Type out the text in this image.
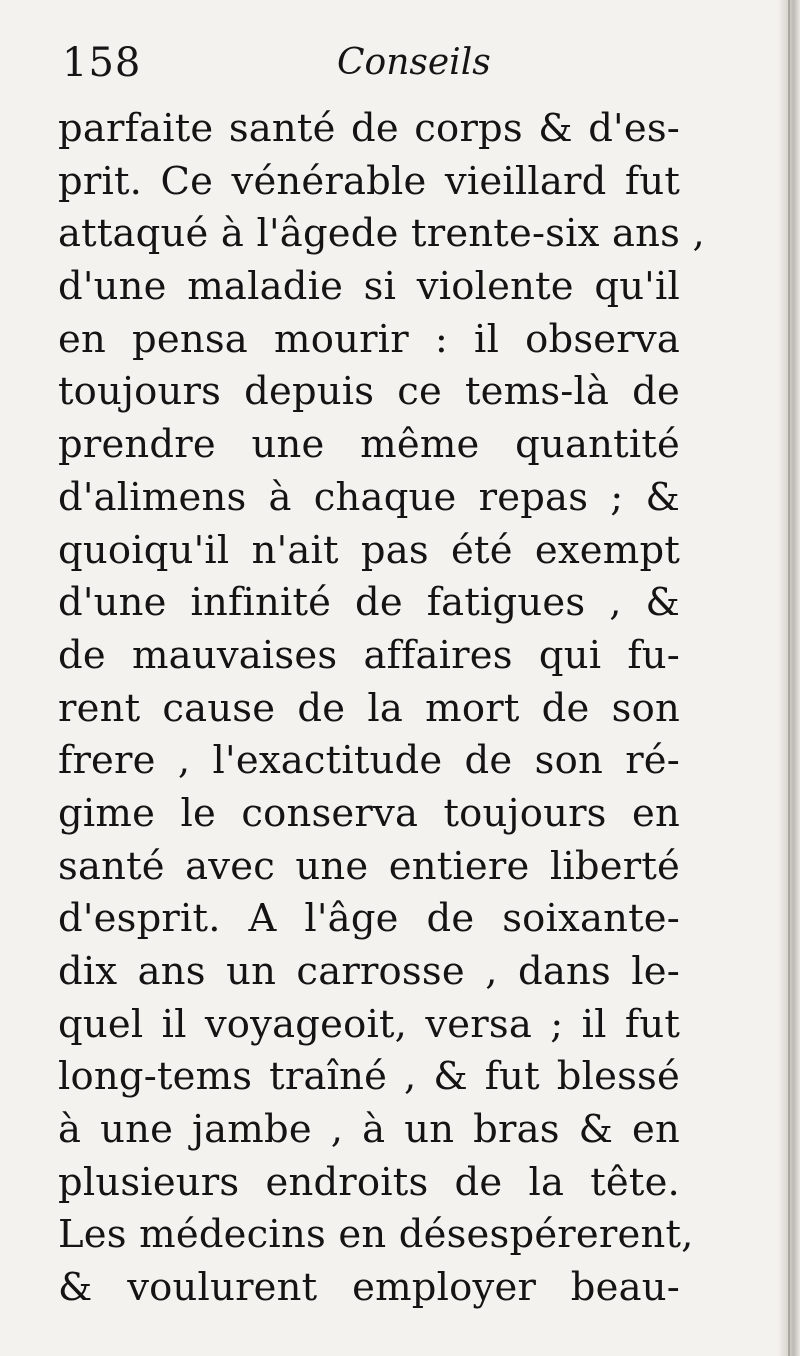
158	Conseils
parfaite santé de corps & d'es-
prit. Ce vénérable vieillard fut
attaqué à l'âgede trente-six ans ,
d'une maladie si violente qu'il
en pensa mourir : il observa
toujours depuis ce tems-là de
prendre une même quantité
d'alimens à chaque repas ; &
quoiqu'il n'ait pas été exempt
d'une infinité de fatigues , &
de mauvaises affaires qui fu-
rent cause de la mort de son
frere , l'exactitude de son ré-
gime le conserva toujours en
santé avec une entiere liberté
d'esprit. A l'âge de soixante-
dix ans un carrosse , dans le-
quel il voyageoit, versa ; il fut
long-tems traîné , & fut blessé
à une jambe , à un bras & en
plusieurs endroits de la tête.
Les médecins en désespérerent,
& voulurent employer beau-
